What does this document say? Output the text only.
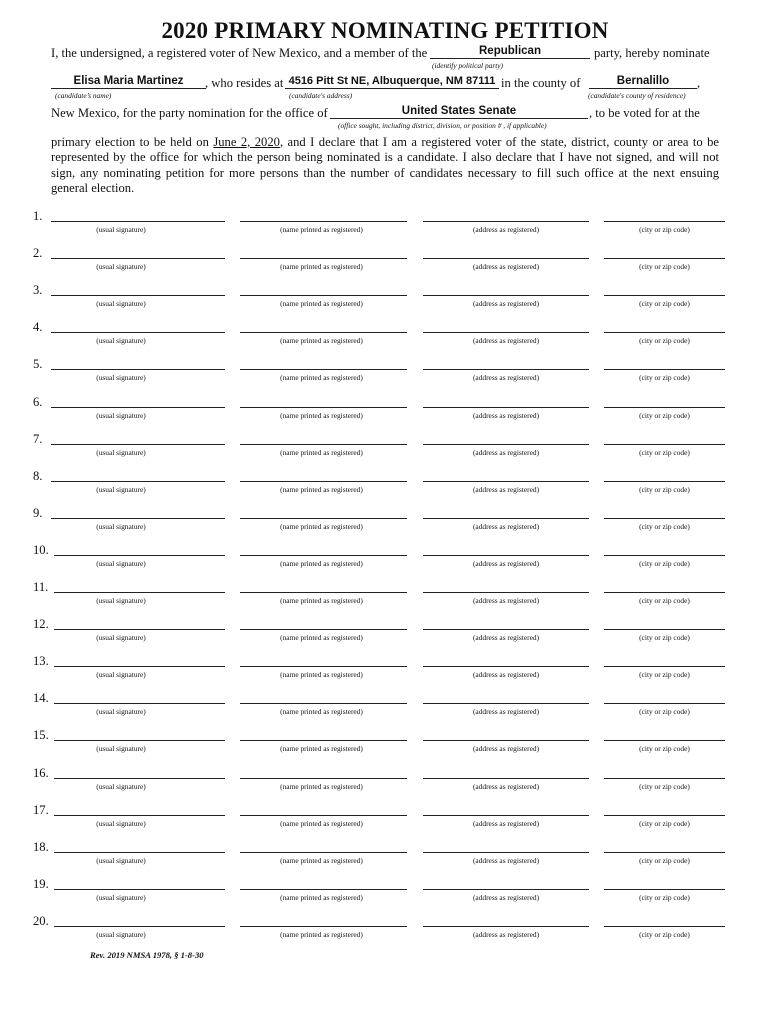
2020 PRIMARY NOMINATING PETITION
I, the undersigned, a registered voter of New Mexico, and a member of the	Republican	party, hereby nominate
(identify political party)
Elisa Maria Martinez	, who resides at 4516 Pitt St NE, Albuquerque, NM 87111 in the county of	Bernalillo	,
(candidate’s name)	(candidate's address)	(candidate's county of residence)
New Mexico, for the party nomination for the office of	United States Senate	, to be voted for at the
(office sought, including district, division, or position # , if applicable)
primary election to be held on June 2, 2020, and I declare that I am a registered voter of the state, district, county or area to be represented by the office for which the person being nominated is a candidate. I also declare that I have not signed, and will not sign, any nominating petition for more persons than the number of candidates necessary to fill such office at the next ensuing general election.
1.
(usual signature)	(name printed as registered)	(address as registered)	(city or zip code)
2.
(usual signature)	(name printed as registered)	(address as registered)	(city or zip code)
3.
(usual signature)	(name printed as registered)	(address as registered)	(city or zip code)
4.
(usual signature)	(name printed as registered)	(address as registered)	(city or zip code)
5.
(usual signature)	(name printed as registered)	(address as registered)	(city or zip code)
6.
(usual signature)	(name printed as registered)	(address as registered)	(city or zip code)
7.
(usual signature)	(name printed as registered)	(address as registered)	(city or zip code)
8.
(usual signature)	(name printed as registered)	(address as registered)	(city or zip code)
9.
(usual signature)	(name printed as registered)	(address as registered)	(city or zip code)
10.
(usual signature)	(name printed as registered)	(address as registered)	(city or zip code)
11.
(usual signature)	(name printed as registered)	(address as registered)	(city or zip code)
12.
(usual signature)	(name printed as registered)	(address as registered)	(city or zip code)
13.
(usual signature)	(name printed as registered)	(address as registered)	(city or zip code)
14.
(usual signature)	(name printed as registered)	(address as registered)	(city or zip code)
15.
(usual signature)	(name printed as registered)	(address as registered)	(city or zip code)
16.
(usual signature)	(name printed as registered)	(address as registered)	(city or zip code)
17.
(usual signature)	(name printed as registered)	(address as registered)	(city or zip code)
18.
(usual signature)	(name printed as registered)	(address as registered)	(city or zip code)
19.
(usual signature)	(name printed as registered)	(address as registered)	(city or zip code)
20.
(usual signature)	(name printed as registered)	(address as registered)	(city or zip code)
Rev. 2019 NMSA 1978, § 1-8-30
